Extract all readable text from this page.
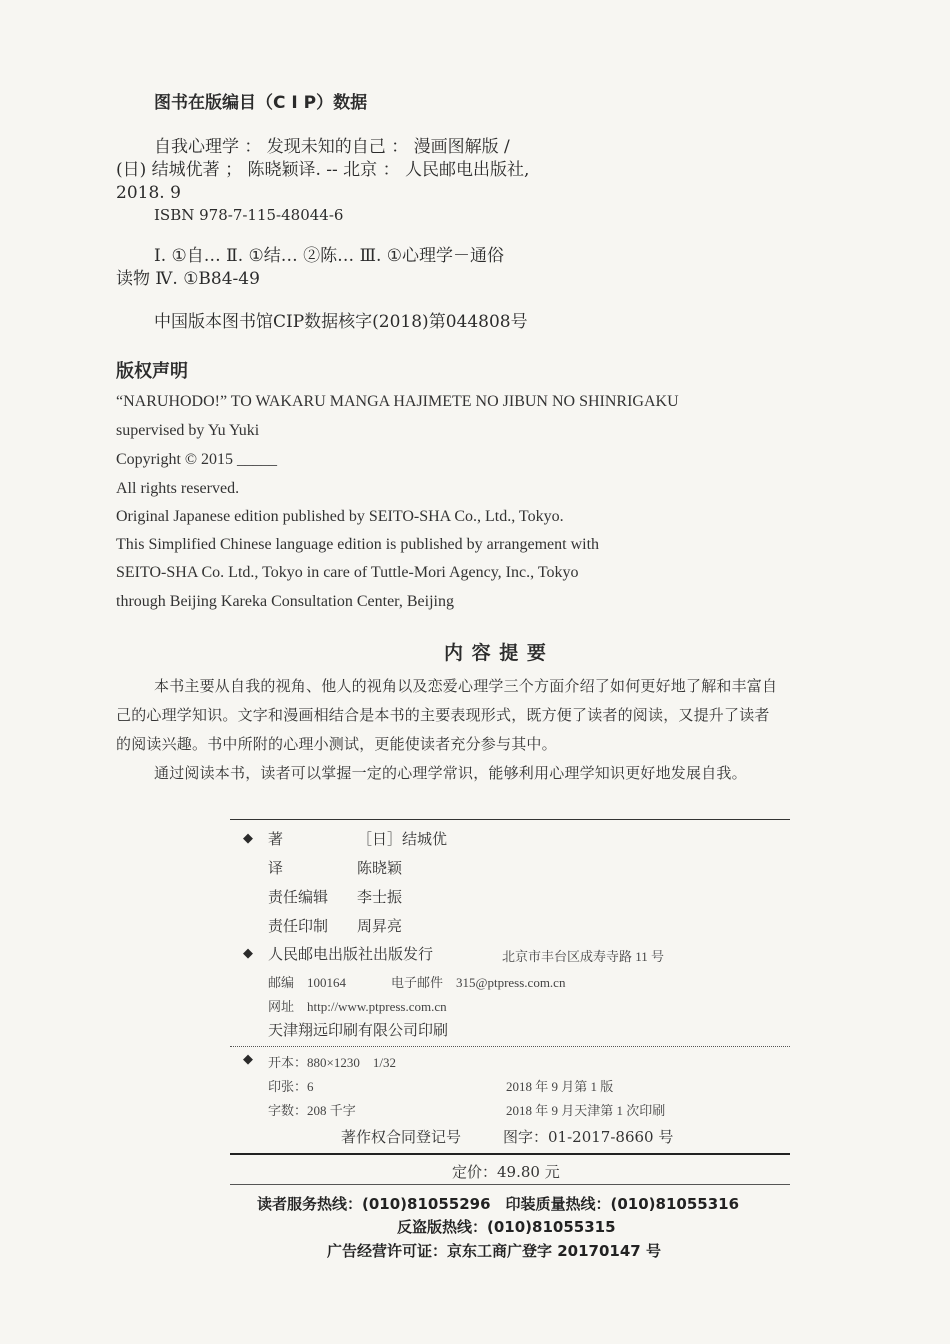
图书在版编目（C I P）数据
自我心理学 ： 发现未知的自己 ： 漫画图解版 /
(日) 结城优著 ； 陈晓颖译. -- 北京 ： 人民邮电出版社,
2018. 9
ISBN 978-7-115-48044-6
Ⅰ. ①自… Ⅱ. ①结… ②陈… Ⅲ. ①心理学－通俗
读物 Ⅳ. ①B84-49
中国版本图书馆CIP数据核字(2018)第044808号
版权声明
“NARUHODO!” TO WAKARU MANGA HAJIMETE NO JIBUN NO SHINRIGAKU
supervised by Yu Yuki
Copyright © 2015 _____
All rights reserved.
Original Japanese edition published by SEITO-SHA Co., Ltd., Tokyo.
This Simplified Chinese language edition is published by arrangement with
SEITO-SHA Co. Ltd., Tokyo in care of Tuttle-Mori Agency, Inc., Tokyo
through Beijing Kareka Consultation Center, Beijing
内 容 提 要
本书主要从自我的视角、他人的视角以及恋爱心理学三个方面介绍了如何更好地了解和丰富自
己的心理学知识。文字和漫画相结合是本书的主要表现形式，既方便了读者的阅读，又提升了读者
的阅读兴趣。书中所附的心理小测试，更能使读者充分参与其中。
通过阅读本书，读者可以掌握一定的心理学常识，能够利用心理学知识更好地发展自我。
◆ 著	［日］结城优
译	陈晓颖
责任编辑 李士振
责任印制 周昇亮
◆ 人民邮电出版社出版发行	北京市丰台区成寿寺路 11 号
邮编　100164	电子邮件　315@ptpress.com.cn
网址　http://www.ptpress.com.cn
天津翔远印刷有限公司印刷
◆ 开本：880×1230　1/32
印张：6	2018 年 9 月第 1 版
字数：208 千字	2018 年 9 月天津第 1 次印刷
著作权合同登记号	图字：01-2017-8660 号
定价：49.80 元
读者服务热线：(010)81055296　印装质量热线：(010)81055316
反盗版热线：(010)81055315
广告经营许可证：京东工商广登字 20170147 号
